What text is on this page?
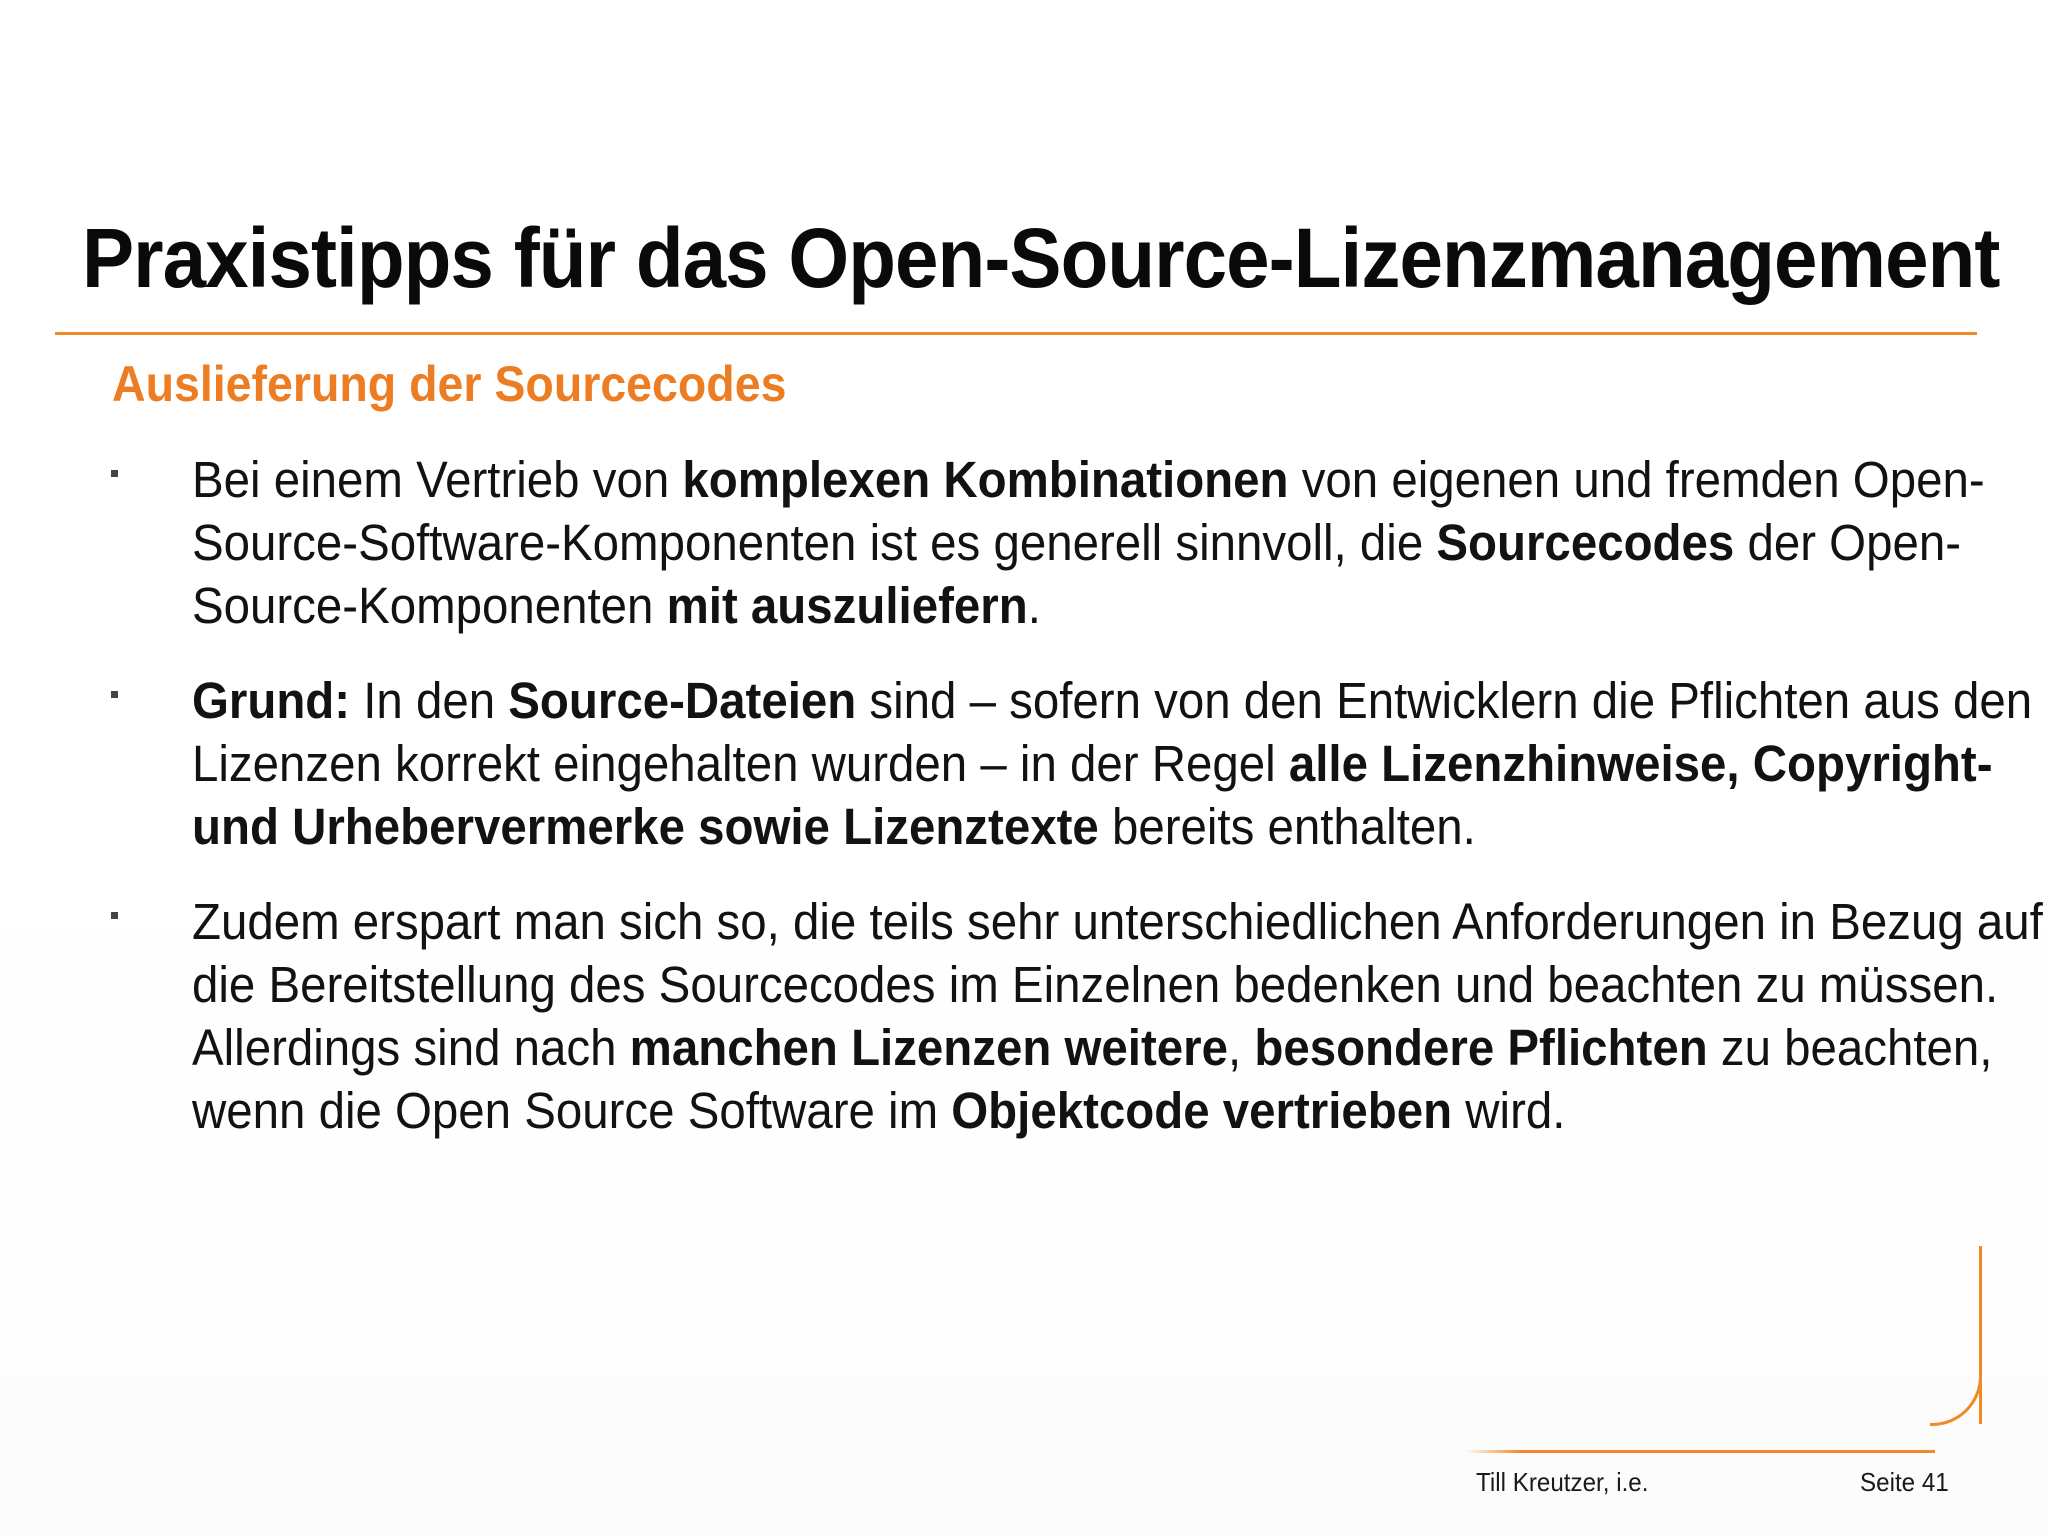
Praxistipps für das Open-Source-Lizenzmanagement
Auslieferung der Sourcecodes
Bei einem Vertrieb von komplexen Kombinationen von eigenen und fremden Open-Source-Software-Komponenten ist es generell sinnvoll, die Sourcecodes der Open-Source-Komponenten mit auszuliefern.
Grund: In den Source-Dateien sind – sofern von den Entwicklern die Pflichten aus den Lizenzen korrekt eingehalten wurden – in der Regel alle Lizenzhinweise, Copyright- und Urhebervermerke sowie Lizenztexte bereits enthalten.
Zudem erspart man sich so, die teils sehr unterschiedlichen Anforderungen in Bezug auf die Bereitstellung des Sourcecodes im Einzelnen bedenken und beachten zu müssen. Allerdings sind nach manchen Lizenzen weitere, besondere Pflichten zu beachten, wenn die Open Source Software im Objektcode vertrieben wird.
Till Kreutzer, i.e.	Seite 41
